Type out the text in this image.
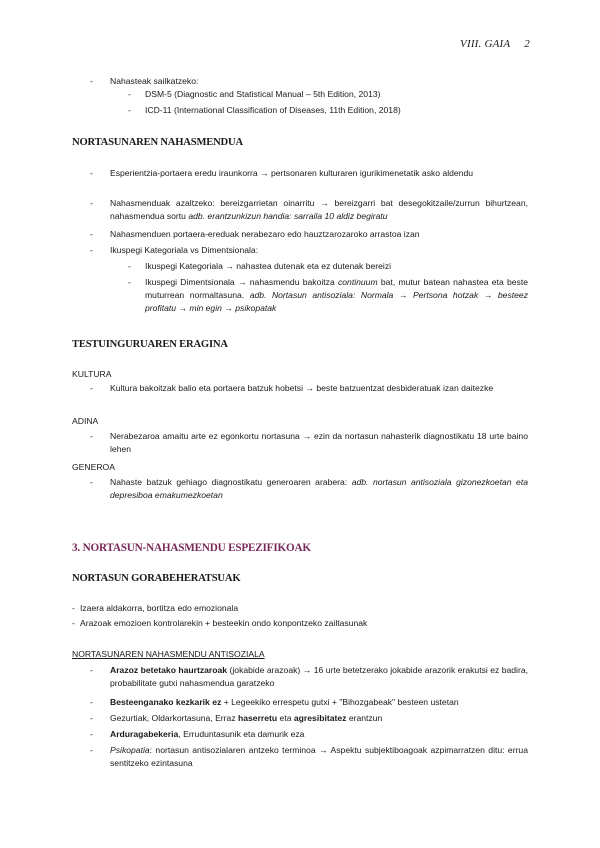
VIII. GAIA 2
- Nahasteak sailkatzeko:
- DSM-5 (Diagnostic and Statistical Manual – 5th Edition, 2013)
- ICD-11 (International Classification of Diseases, 11th Edition, 2018)
NORTASUNAREN NAHASMENDUA
- Esperientzia-portaera eredu iraunkorra → pertsonaren kulturaren igurikimenetatik asko aldendu
- Nahasmenduak azaltzeko: bereizgarrietan oinarritu → bereizgarri bat desegokitzaile/zurrun bihurtzean, nahasmendua sortu adb. erantzunkizun handia: sarraila 10 aldiz begiratu
- Nahasmenduen portaera-ereduak nerabezaro edo hauztzarozaroko arrastoa izan
- Ikuspegi Kategoriala vs Dimentsionala:
- Ikuspegi Kategoriala → nahastea dutenak eta ez dutenak bereizi
- Ikuspegi Dimentsionala → nahasmendu bakoitza continuum bat, mutur batean nahastea eta beste muturrean normaltasuna. adb. Nortasun antisoziala: Normala → Pertsona hotzak → besteez profitatu → min egin → psikopatak
TESTUINGURUAREN ERAGINA
KULTURA
- Kultura bakoitzak balio eta portaera batzuk hobetsi → beste batzuentzat desbideratuak izan daitezke
ADINA
- Nerabezaroa amaitu arte ez egonkortu nortasuna → ezin da nortasun nahasterik diagnostikatu 18 urte baino lehen
GENEROA
- Nahaste batzuk gehiago diagnostikatu generoaren arabera: adb. nortasun antisoziala gizonezkoetan eta depresiboa emakumezkoetan
3. NORTASUN-NAHASMENDU ESPEZIFIKOAK
NORTASUN GORABEHERATSUAK
- Izaera aldakorra, bortitza edo emozionala
- Arazoak emozioen kontrolarekin + besteekin ondo konpontzeko zailtasunak
NORTASUNAREN NAHASMENDU ANTISOZIALA
- Arazoz betetako haurtzaroak (jokabide arazoak) → 16 urte betetzerako jokabide arazorik erakutsi ez badira, probabilitate gutxi nahasmendua garatzeko
- Besteenganako kezkarik ez + Legeekiko errespetu gutxi + "Bihozgabeak" besteen ustetan
- Gezurtiak, Oldarkortasuna, Erraz haserretu eta agresibitatez erantzun
- Arduragabekeria, Erruduntasunik eta damurik eza
- Psikopatia: nortasun antisozialaren antzeko terminoa → Aspektu subjektiboagoak azpimarratzen ditu: errua sentitzeko ezintasuna
